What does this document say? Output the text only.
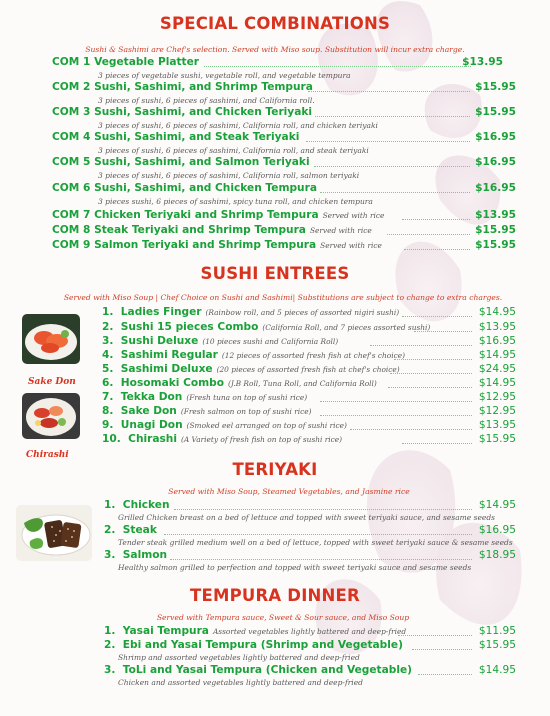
SPECIAL COMBINATIONS
Sushi & Sashimi are Chef's selection. Served with Miso soup. Substitution will incur extra charge.
COM 1 Vegetable Platter	$13.95
3 pieces of vegetable sushi, vegetable roll, and vegetable tempura
COM 2 Sushi, Sashimi, and Shrimp Tempura	$15.95
3 pieces of sushi, 6 pieces of sashimi, and California roll.
COM 3 Sushi, Sashimi, and Chicken Teriyaki	$15.95
3 pieces of sushi, 6 pieces of sashimi, California roll, and chicken teriyaki
COM 4 Sushi, Sashimi, and Steak Teriyaki	$16.95
3 pieces of sushi, 6 pieces of sashimi, California roll, and steak teriyaki
COM 5 Sushi, Sashimi, and Salmon Teriyaki	$16.95
3 pieces of sushi, 6 pieces of sashimi, California roll, salmon teriyaki
COM 6 Sushi, Sashimi, and Chicken Tempura	$16.95
3 pieces sushi, 6 pieces of sashimi, spicy tuna roll, and chicken tempura
COM 7 Chicken Teriyaki and Shrimp Tempura Served with rice	$13.95
COM 8 Steak Teriyaki and Shrimp Tempura Served with rice	$15.95
COM 9 Salmon Teriyaki and Shrimp Tempura Served with rice	$15.95
SUSHI ENTREES
Served with Miso Soup | Chef Choice on Sushi and Sashimi| Substitutions are subject to change to extra charges.
Sake Don
Chirashi
1. Ladies Finger (Rainbow roll, and 5 pieces of assorted nigiri sushi)	$14.95
2. Sushi 15 pieces Combo (California Roll, and 7 pieces assorted sushi)	$13.95
3. Sushi Deluxe (10 pieces sushi and California Roll)	$16.95
4. Sashimi Regular (12 pieces of assorted fresh fish at chef's choice)	$14.95
5. Sashimi Deluxe (20 pieces of assorted fresh fish at chef's choice)	$24.95
6. Hosomaki Combo (J.B Roll, Tuna Roll, and California Roll)	$14.95
7. Tekka Don (Fresh tuna on top of sushi rice)	$12.95
8. Sake Don (Fresh salmon on top of sushi rice)	$12.95
9. Unagi Don (Smoked eel arranged on top of sushi rice)	$13.95
10. Chirashi (A Variety of fresh fish on top of sushi rice)	$15.95
TERIYAKI
Served with Miso Soup, Steamed Vegetables, and Jasmine rice
1. Chicken	$14.95
Grilled Chicken breast on a bed of lettuce and topped with sweet teriyaki sauce, and sesame seeds
2. Steak	$16.95
Tender steak grilled medium well on a bed of lettuce, topped with sweet teriyaki sauce & sesame seeds
3. Salmon	$18.95
Healthy salmon grilled to perfection and topped with sweet teriyaki sauce and sesame seeds
TEMPURA DINNER
Served with Tempura sauce, Sweet & Sour sauce, and Miso Soup
1. Yasai Tempura Assorted vegetables lightly battered and deep-fried	$11.95
2. Ebi and Yasai Tempura (Shrimp and Vegetable)	$15.95
Shrimp and assorted vegetables lightly battered and deep-fried
3. ToLi and Yasai Tempura (Chicken and Vegetable)	$14.95
Chicken and assorted vegetables lightly battered and deep-fried
